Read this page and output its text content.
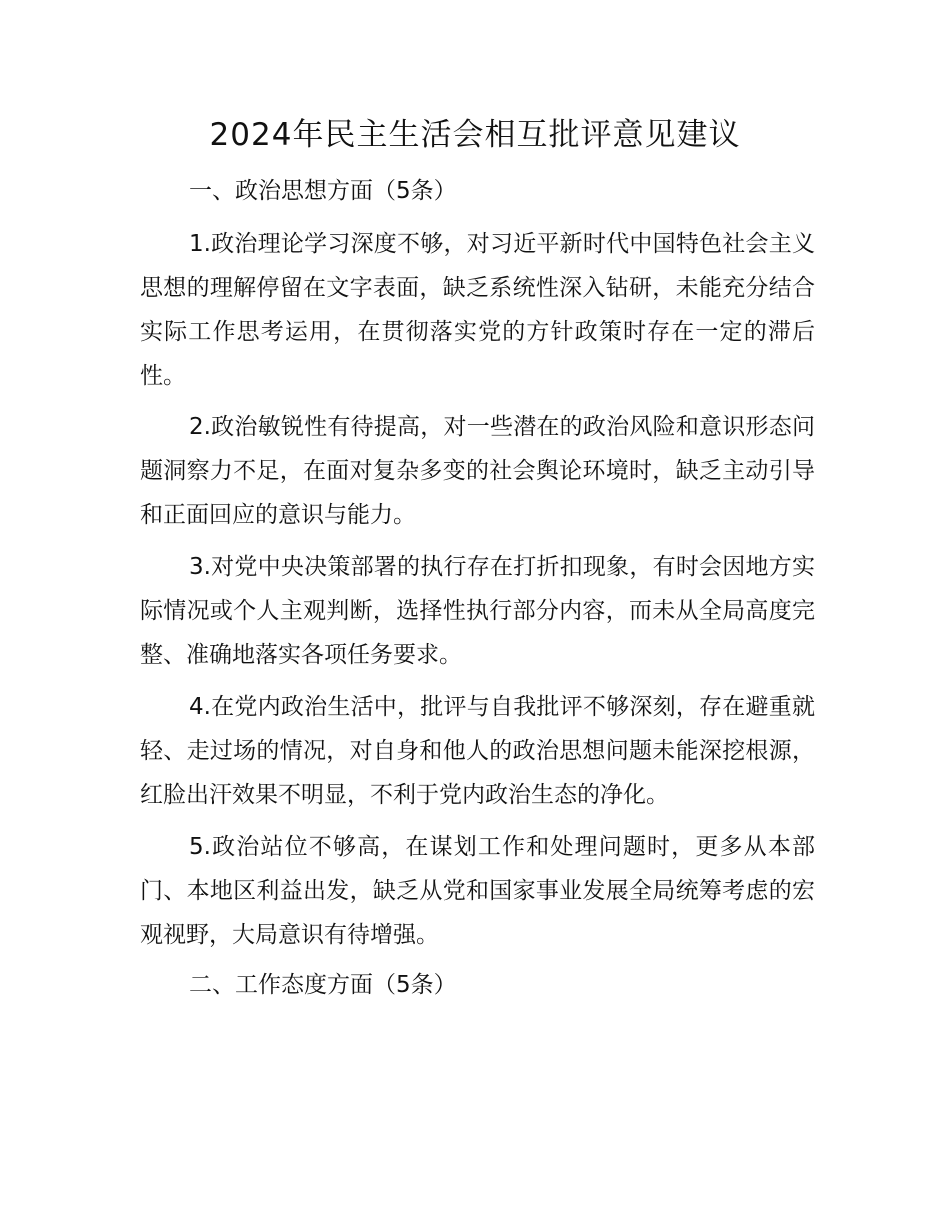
2024年民主生活会相互批评意见建议

一、政治思想方面（5条）

1.政治理论学习深度不够，对习近平新时代中国特色社会主义思想的理解停留在文字表面，缺乏系统性深入钻研，未能充分结合实际工作思考运用，在贯彻落实党的方针政策时存在一定的滞后性。

2.政治敏锐性有待提高，对一些潜在的政治风险和意识形态问题洞察力不足，在面对复杂多变的社会舆论环境时，缺乏主动引导和正面回应的意识与能力。

3.对党中央决策部署的执行存在打折扣现象，有时会因地方实际情况或个人主观判断，选择性执行部分内容，而未从全局高度完整、准确地落实各项任务要求。

4.在党内政治生活中，批评与自我批评不够深刻，存在避重就轻、走过场的情况，对自身和他人的政治思想问题未能深挖根源，红脸出汗效果不明显，不利于党内政治生态的净化。

5.政治站位不够高，在谋划工作和处理问题时，更多从本部门、本地区利益出发，缺乏从党和国家事业发展全局统筹考虑的宏观视野，大局意识有待增强。

二、工作态度方面（5条）
